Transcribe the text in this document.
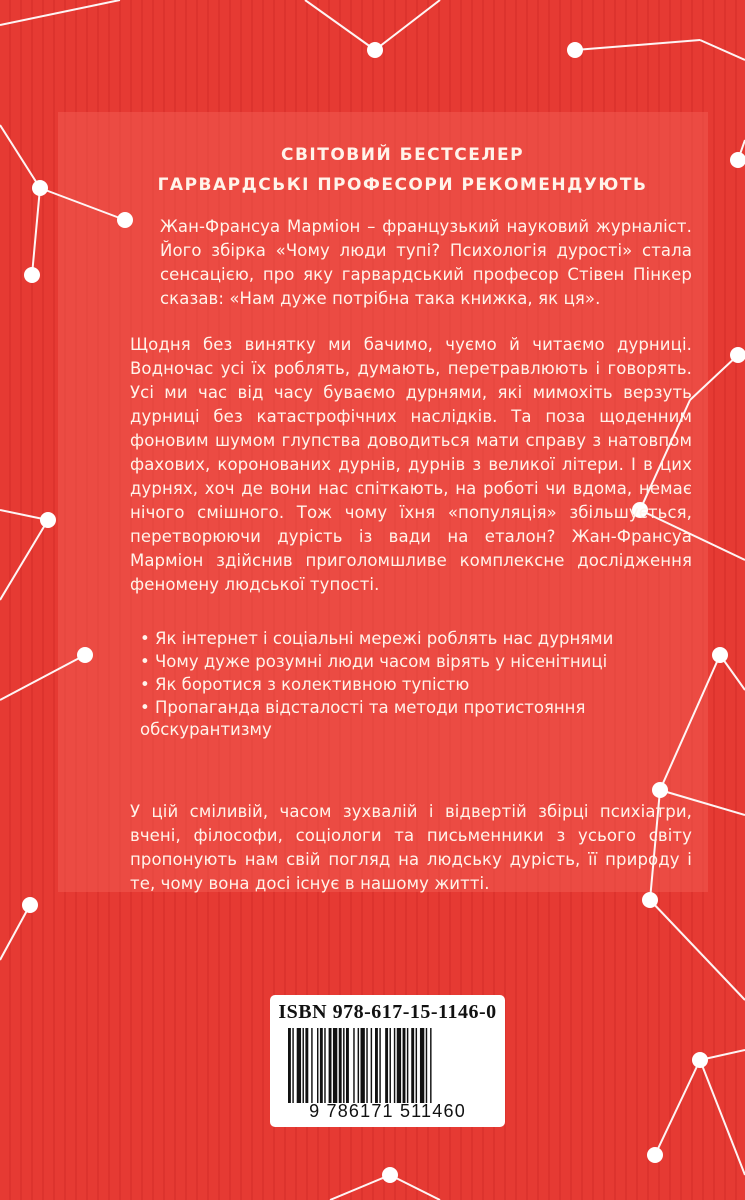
СВІТОВИЙ БЕСТСЕЛЕР
ГАРВАРДСЬКІ ПРОФЕСОРИ РЕКОМЕНДУЮТЬ
Жан-Франсуа Марміон – французький науковий журналіст. Його збірка «Чому люди тупі? Психологія дурості» стала сенсацією, про яку гарвардський професор Стівен Пінкер сказав: «Нам дуже потрібна така книжка, як ця».
Щодня без винятку ми бачимо, чуємо й читаємо дурниці. Водночас усі їх роблять, думають, перетравлюють і говорять. Усі ми час від часу буваємо дурнями, які мимохіть верзуть дурниці без катастрофічних наслідків. Та поза щоденним фоновим шумом глупства доводиться мати справу з натовпом фахових, коронованих дурнів, дурнів з великої літери. І в цих дурнях, хоч де вони нас спіткають, на роботі чи вдома, немає нічого смішного. Тож чому їхня «популяція» збільшується, перетворюючи дурість із вади на еталон? Жан-Франсуа Марміон здійснив приголомшливе комплексне дослідження феномену людської тупості.
• Як інтернет і соціальні мережі роблять нас дурнями
• Чому дуже розумні люди часом вірять у нісенітниці
• Як боротися з колективною тупістю
• Пропаганда відсталості та методи протистояння обскурантизму
У цій сміливій, часом зухвалій і відвертій збірці психіатри, вчені, філософи, соціологи та письменники з усього світу пропонують нам свій погляд на людську дурість, її природу і те, чому вона досі існує в нашому житті.
ISBN 978-617-15-1146-0
9 786171 511460
